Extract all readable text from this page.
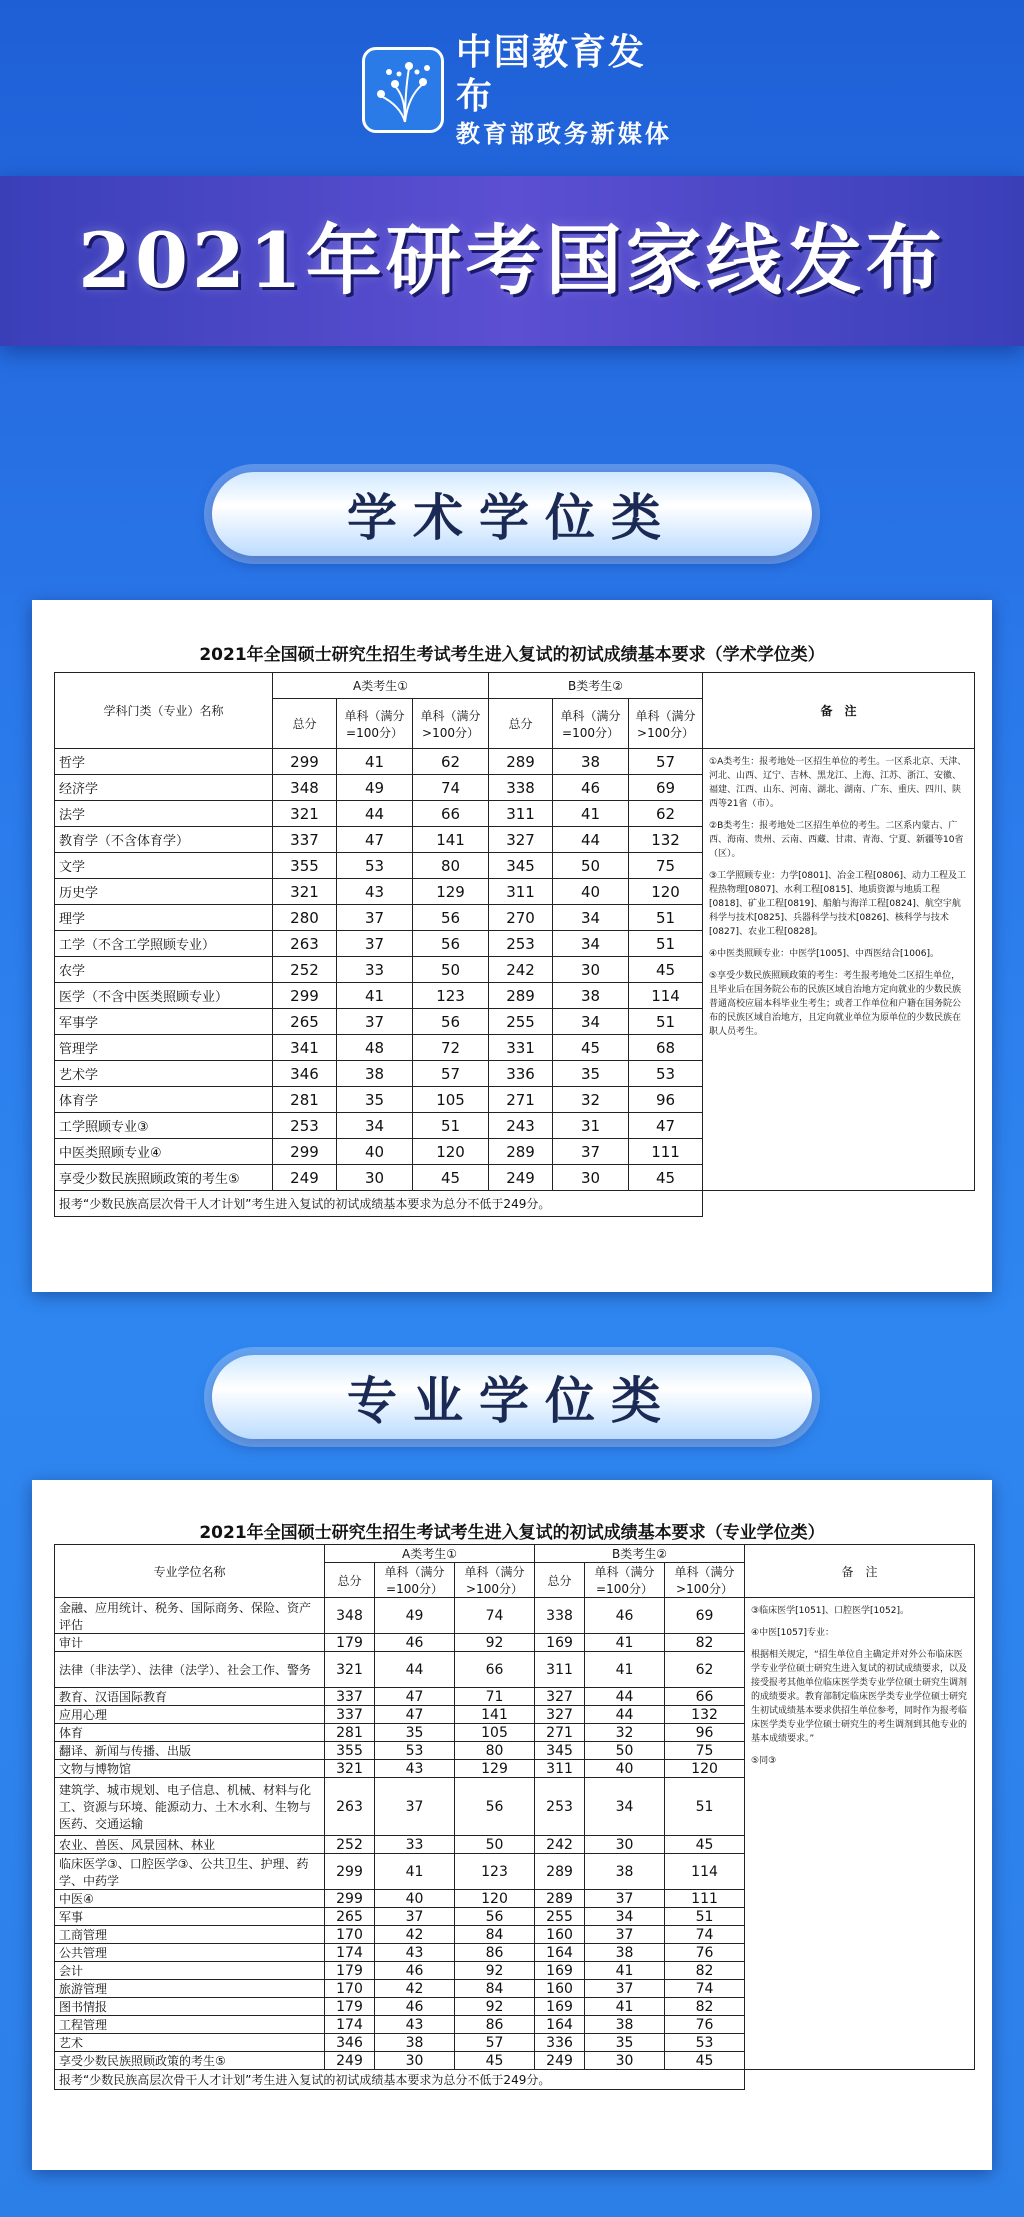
中国教育发布
教育部政务新媒体
2021年研考国家线发布
学术学位类
2021年全国硕士研究生招生考试考生进入复试的初试成绩基本要求（学术学位类）
学科门类（专业）名称	A类考生①			B类考生②			备　注
	总分	单科（满分=100分）	单科（满分>100分）	总分	单科（满分=100分）	单科（满分>100分）	
哲学	299	41	62	289	38	57	①A类考生：报考地处一区招生单位的考生。一区系北京、天津、河北、山西、辽宁、吉林、黑龙江、上海、江苏、浙江、安徽、福建、江西、山东、河南、湖北、湖南、广东、重庆、四川、陕西等21省（市）。

②B类考生：报考地处二区招生单位的考生。二区系内蒙古、广西、海南、贵州、云南、西藏、甘肃、青海、宁夏、新疆等10省（区）。

③工学照顾专业：力学[0801]、冶金工程[0806]、动力工程及工程热物理[0807]、水利工程[0815]、地质资源与地质工程[0818]、矿业工程[0819]、船舶与海洋工程[0824]、航空宇航科学与技术[0825]、兵器科学与技术[0826]、核科学与技术[0827]、农业工程[0828]。

④中医类照顾专业：中医学[1005]、中西医结合[1006]。

⑤享受少数民族照顾政策的考生：考生报考地处二区招生单位，且毕业后在国务院公布的民族区域自治地方定向就业的少数民族普通高校应届本科毕业生考生；或者工作单位和户籍在国务院公布的民族区域自治地方，且定向就业单位为原单位的少数民族在职人员考生。

经济学	348	49	74	338	46	69	
法学	321	44	66	311	41	62	
教育学（不含体育学）	337	47	141	327	44	132	
文学	355	53	80	345	50	75	
历史学	321	43	129	311	40	120	
理学	280	37	56	270	34	51	
工学（不含工学照顾专业）	263	37	56	253	34	51	
农学	252	33	50	242	30	45	
医学（不含中医类照顾专业）	299	41	123	289	38	114	
军事学	265	37	56	255	34	51	
管理学	341	48	72	331	45	68	
艺术学	346	38	57	336	35	53	
体育学	281	35	105	271	32	96	
工学照顾专业③	253	34	51	243	31	47	
中医类照顾专业④	299	40	120	289	37	111	
享受少数民族照顾政策的考生⑤	249	30	45	249	30	45	
报考“少数民族高层次骨干人才计划”考生进入复试的初试成绩基本要求为总分不低于249分。							
专业学位类
2021年全国硕士研究生招生考试考生进入复试的初试成绩基本要求（专业学位类）
专业学位名称	A类考生①			B类考生②			备　注
	总分	单科（满分=100分）	单科（满分>100分）	总分	单科（满分=100分）	单科（满分>100分）	
金融、应用统计、税务、国际商务、保险、资产评估	348	49	74	338	46	69	③临床医学[1051]、口腔医学[1052]。

④中医[1057]专业：

根据相关规定，“招生单位自主确定并对外公布临床医学专业学位硕士研究生进入复试的初试成绩要求，以及接受报考其他单位临床医学类专业学位硕士研究生调剂的成绩要求。教育部制定临床医学类专业学位硕士研究生初试成绩基本要求供招生单位参考，同时作为报考临床医学类专业学位硕士研究生的考生调剂到其他专业的基本成绩要求。”

⑤同③

审计	179	46	92	169	41	82	
法律（非法学）、法律（法学）、社会工作、警务	321	44	66	311	41	62	
教育、汉语国际教育	337	47	71	327	44	66	
应用心理	337	47	141	327	44	132	
体育	281	35	105	271	32	96	
翻译、新闻与传播、出版	355	53	80	345	50	75	
文物与博物馆	321	43	129	311	40	120	
建筑学、城市规划、电子信息、机械、材料与化工、资源与环境、能源动力、土木水利、生物与医药、交通运输	263	37	56	253	34	51	
农业、兽医、风景园林、林业	252	33	50	242	30	45	
临床医学③、口腔医学③、公共卫生、护理、药学、中药学	299	41	123	289	38	114	
中医④	299	40	120	289	37	111	
军事	265	37	56	255	34	51	
工商管理	170	42	84	160	37	74	
公共管理	174	43	86	164	38	76	
会计	179	46	92	169	41	82	
旅游管理	170	42	84	160	37	74	
图书情报	179	46	92	169	41	82	
工程管理	174	43	86	164	38	76	
艺术	346	38	57	336	35	53	
享受少数民族照顾政策的考生⑤	249	30	45	249	30	45	
报考“少数民族高层次骨干人才计划”考生进入复试的初试成绩基本要求为总分不低于249分。							
